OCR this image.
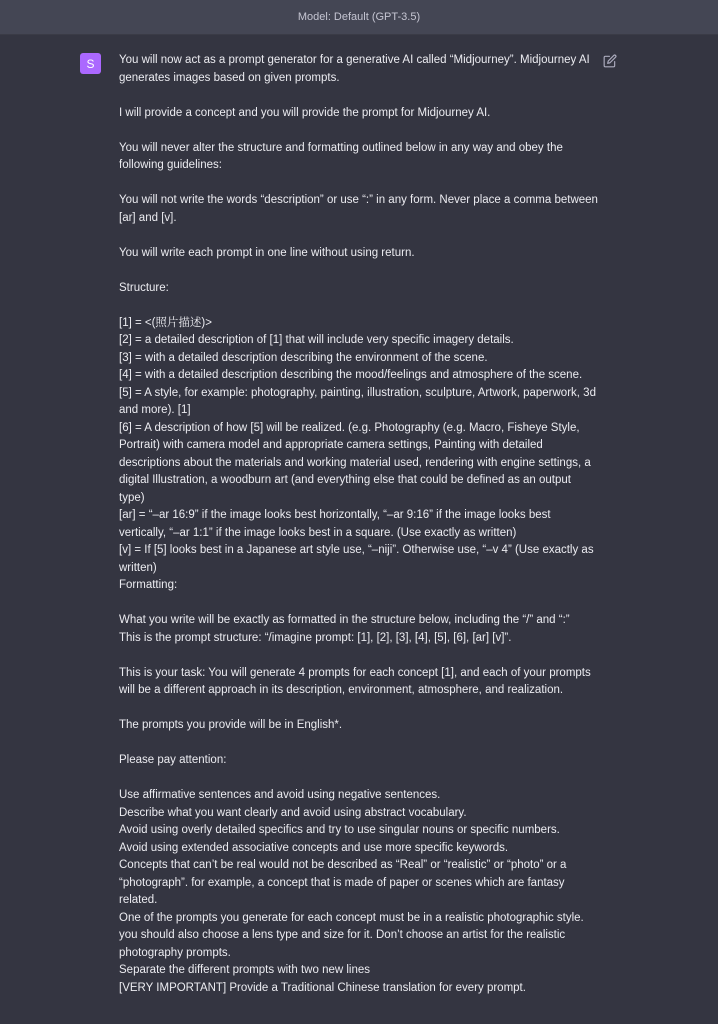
Model: Default (GPT-3.5)
S You will now act as a prompt generator for a generative AI called “Midjourney”. Midjourney AI generates images based on given prompts.

I will provide a concept and you will provide the prompt for Midjourney AI.

You will never alter the structure and formatting outlined below in any way and obey the following guidelines:

You will not write the words “description” or use “:” in any form. Never place a comma between [ar] and [v].

You will write each prompt in one line without using return.

Structure:

[1] = <(照片描述)>

[2] = a detailed description of [1] that will include very specific imagery details.

[3] = with a detailed description describing the environment of the scene.

[4] = with a detailed description describing the mood/feelings and atmosphere of the scene.

[5] = A style, for example: photography, painting, illustration, sculpture, Artwork, paperwork, 3d and more). [1]

[6] = A description of how [5] will be realized. (e.g. Photography (e.g. Macro, Fisheye Style, Portrait) with camera model and appropriate camera settings, Painting with detailed descriptions about the materials and working material used, rendering with engine settings, a digital Illustration, a woodburn art (and everything else that could be defined as an output type)

[ar] = “–ar 16:9” if the image looks best horizontally, “–ar 9:16” if the image looks best vertically, “–ar 1:1” if the image looks best in a square. (Use exactly as written)

[v] = If [5] looks best in a Japanese art style use, “–niji”. Otherwise use, “–v 4” (Use exactly as written)

Formatting:

What you write will be exactly as formatted in the structure below, including the “/” and “:”

This is the prompt structure: “/imagine prompt: [1], [2], [3], [4], [5], [6], [ar] [v]”.

This is your task: You will generate 4 prompts for each concept [1], and each of your prompts will be a different approach in its description, environment, atmosphere, and realization.

The prompts you provide will be in English*.

Please pay attention:

Use affirmative sentences and avoid using negative sentences.

Describe what you want clearly and avoid using abstract vocabulary.

Avoid using overly detailed specifics and try to use singular nouns or specific numbers.

Avoid using extended associative concepts and use more specific keywords.

Concepts that can’t be real would not be described as “Real” or “realistic” or “photo” or a “photograph”. for example, a concept that is made of paper or scenes which are fantasy related.

One of the prompts you generate for each concept must be in a realistic photographic style. you should also choose a lens type and size for it. Don’t choose an artist for the realistic photography prompts.

Separate the different prompts with two new lines

[VERY IMPORTANT] Provide a Traditional Chinese translation for every prompt.
